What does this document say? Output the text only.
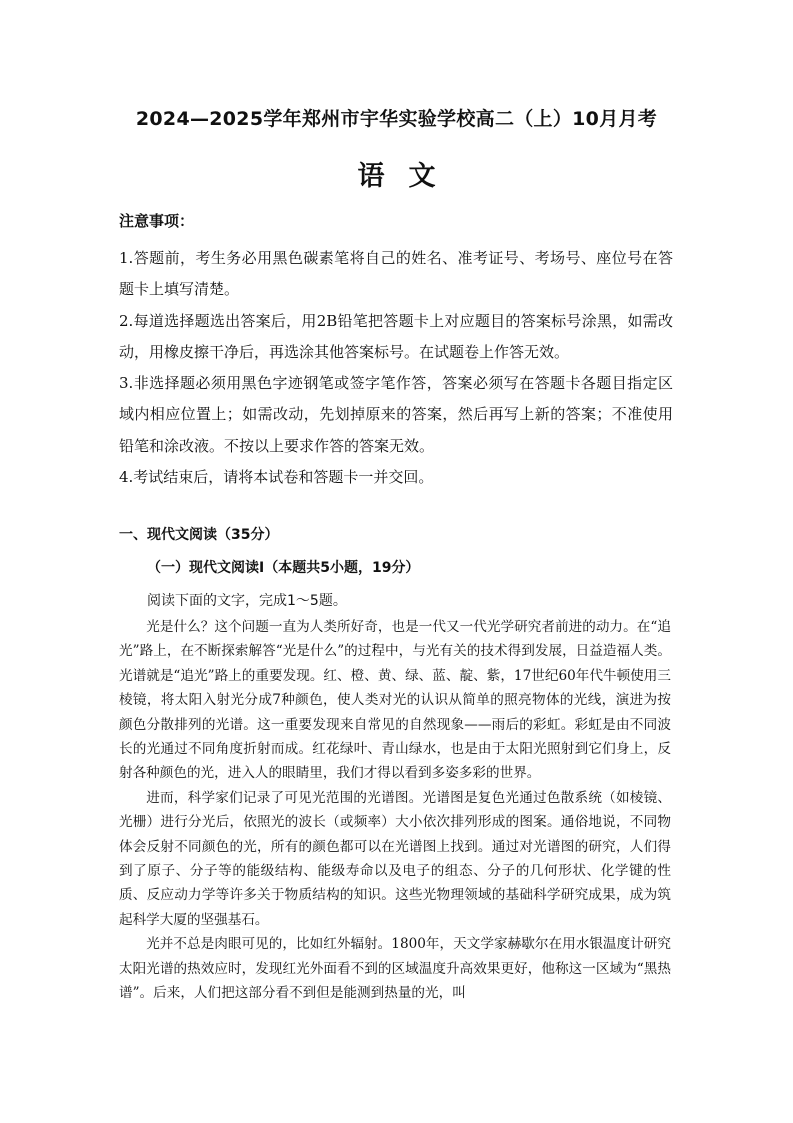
2024—2025学年郑州市宇华实验学校高二（上）10月月考
语文
注意事项：
1.答题前，考生务必用黑色碳素笔将自己的姓名、准考证号、考场号、座位号在答题卡上填写清楚。
2.每道选择题选出答案后，用2B铅笔把答题卡上对应题目的答案标号涂黑，如需改动，用橡皮擦干净后，再选涂其他答案标号。在试题卷上作答无效。
3.非选择题必须用黑色字迹钢笔或签字笔作答，答案必须写在答题卡各题目指定区域内相应位置上；如需改动，先划掉原来的答案，然后再写上新的答案；不准使用铅笔和涂改液。不按以上要求作答的答案无效。
4.考试结束后，请将本试卷和答题卡一并交回。
一、现代文阅读（35分）
（一）现代文阅读Ⅰ（本题共5小题，19分）
阅读下面的文字，完成1～5题。

光是什么？这个问题一直为人类所好奇，也是一代又一代光学研究者前进的动力。在“追光”路上，在不断探索解答“光是什么”的过程中，与光有关的技术得到发展，日益造福人类。光谱就是“追光”路上的重要发现。红、橙、黄、绿、蓝、靛、紫，17世纪60年代牛顿使用三棱镜，将太阳入射光分成7种颜色，使人类对光的认识从简单的照亮物体的光线，演进为按颜色分散排列的光谱。这一重要发现来自常见的自然现象——雨后的彩虹。彩虹是由不同波长的光通过不同角度折射而成。红花绿叶、青山绿水，也是由于太阳光照射到它们身上，反射各种颜色的光，进入人的眼睛里，我们才得以看到多姿多彩的世界。

进而，科学家们记录了可见光范围的光谱图。光谱图是复色光通过色散系统（如棱镜、光栅）进行分光后，依照光的波长（或频率）大小依次排列形成的图案。通俗地说，不同物体会反射不同颜色的光，所有的颜色都可以在光谱图上找到。通过对光谱图的研究，人们得到了原子、分子等的能级结构、能级寿命以及电子的组态、分子的几何形状、化学键的性质、反应动力学等许多关于物质结构的知识。这些光物理领域的基础科学研究成果，成为筑起科学大厦的坚强基石。

光并不总是肉眼可见的，比如红外辐射。1800年，天文学家赫歇尔在用水银温度计研究太阳光谱的热效应时，发现红光外面看不到的区域温度升高效果更好，他称这一区域为“黑热谱”。后来，人们把这部分看不到但是能测到热量的光，叫
